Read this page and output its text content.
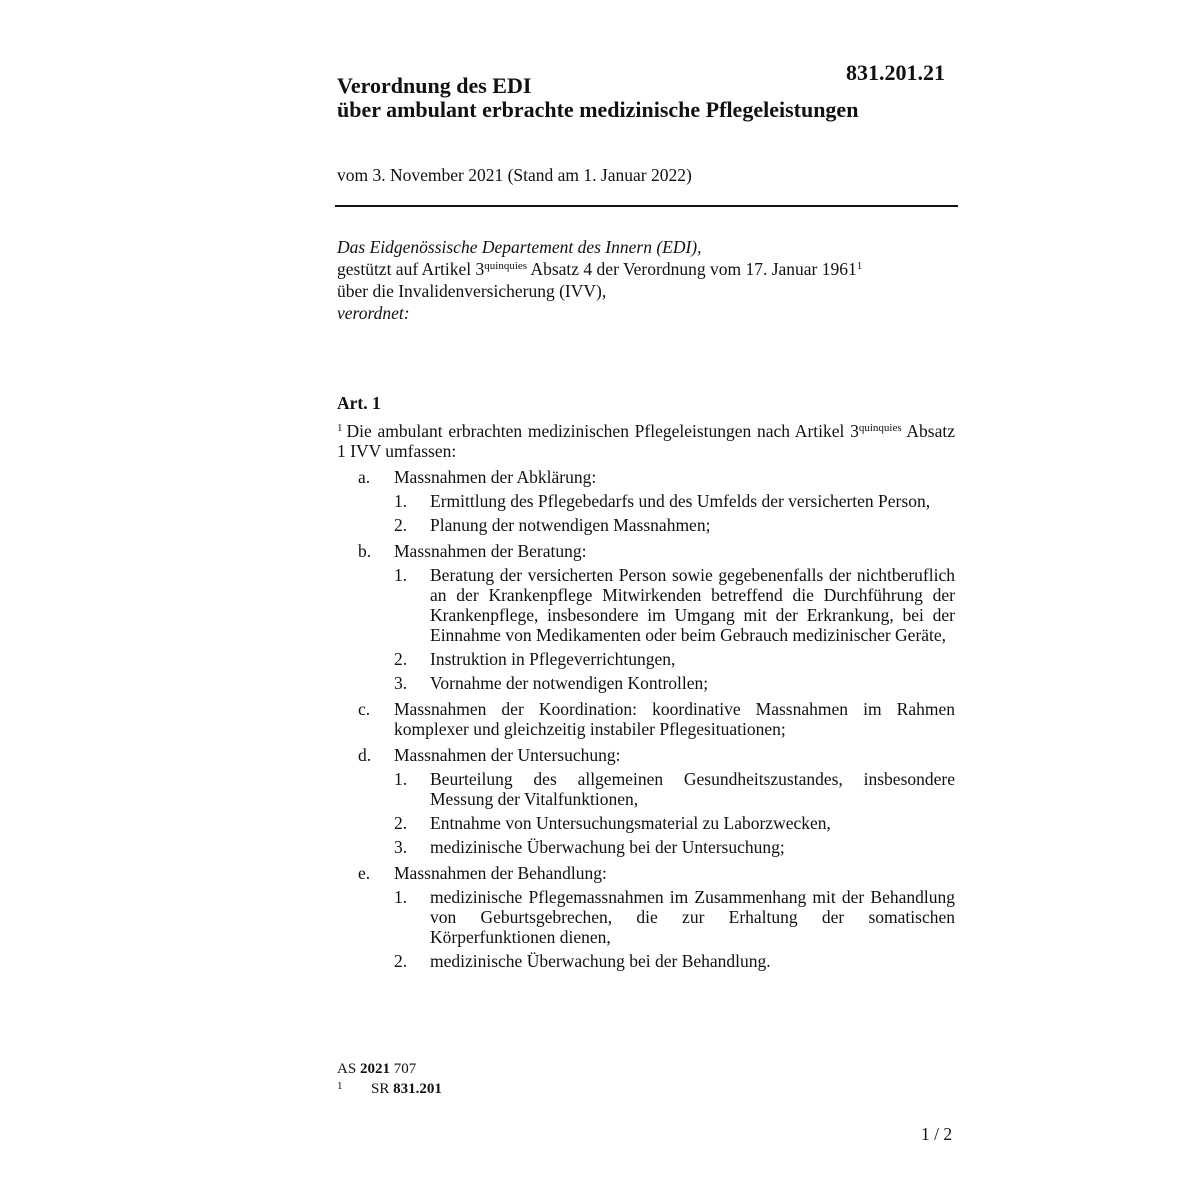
831.201.21
Verordnung des EDI
über ambulant erbrachte medizinische Pflegeleistungen
vom 3. November 2021 (Stand am 1. Januar 2022)
Das Eidgenössische Departement des Innern (EDI),
gestützt auf Artikel $3^{quinquies}$ Absatz 4 der Verordnung vom 17. Januar 1961$^1$
über die Invalidenversicherung (IVV),
verordnet:
Art. 1

$^1$ Die ambulant erbrachten medizinischen Pflegeleistungen nach Artikel $3^{quinquies}$ Absatz 1 IVV umfassen:

a. Massnahmen der Abklärung:
1. Ermittlung des Pflegebedarfs und des Umfelds der versicherten Person,
2. Planung der notwendigen Massnahmen;
b. Massnahmen der Beratung:
1. Beratung der versicherten Person sowie gegebenenfalls der nichtberuflich an der Krankenpflege Mitwirkenden betreffend die Durchführung der Krankenpflege, insbesondere im Umgang mit der Erkrankung, bei der Einnahme von Medikamenten oder beim Gebrauch medizinischer Geräte,
2. Instruktion in Pflegeverrichtungen,
3. Vornahme der notwendigen Kontrollen;
c. Massnahmen der Koordination: koordinative Massnahmen im Rahmen komplexer und gleichzeitig instabiler Pflegesituationen;
d. Massnahmen der Untersuchung:
1. Beurteilung des allgemeinen Gesundheitszustandes, insbesondere Messung der Vitalfunktionen,
2. Entnahme von Untersuchungsmaterial zu Laborzwecken,
3. medizinische Überwachung bei der Untersuchung;
e. Massnahmen der Behandlung:
1. medizinische Pflegemassnahmen im Zusammenhang mit der Behandlung von Geburtsgebrechen, die zur Erhaltung der somatischen Körperfunktionen dienen,
2. medizinische Überwachung bei der Behandlung.
AS 2021 707
1 SR 831.201
1 / 2
